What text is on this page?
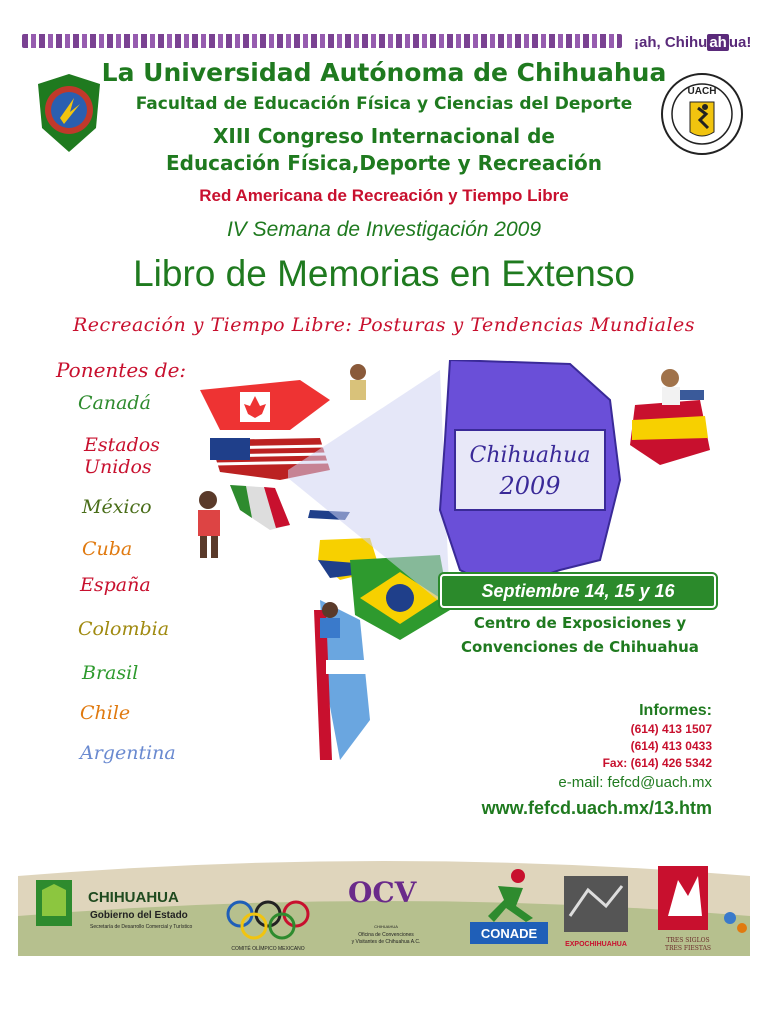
¡ah, Chihu ah ua!
UACH
La Universidad Autónoma de Chihuahua
Facultad de Educación Física y Ciencias del Deporte
XIII Congreso Internacional de
Educación Física,Deporte y Recreación
Red Americana de Recreación y Tiempo Libre
IV Semana de Investigación 2009
Libro de Memorias en Extenso
Recreación y Tiempo Libre: Posturas y Tendencias Mundiales
Chihuahua
2009
Ponentes de:
Canadá
Estados
Unidos
México
Cuba
España
Colombia
Brasil
Chile
Argentina
Septiembre 14, 15 y 16
Centro de Exposiciones y
Convenciones de Chihuahua
Informes:
(614) 413 1507
(614) 413 0433
Fax: (614) 426 5342
e-mail: fefcd@uach.mx
www.fefcd.uach.mx/13.htm
CHIHUAHUA
Gobierno del Estado
Secretaría de Desarrollo Comercial y Turístico
COMITÉ OLÍMPICO MEXICANO
OCV
CHIHUAHUA
Oficina de Convenciones
y Visitantes de Chihuahua A.C.
CONADE
EXPOCHIHUAHUA
TRES SIGLOS
TRES FIESTAS
